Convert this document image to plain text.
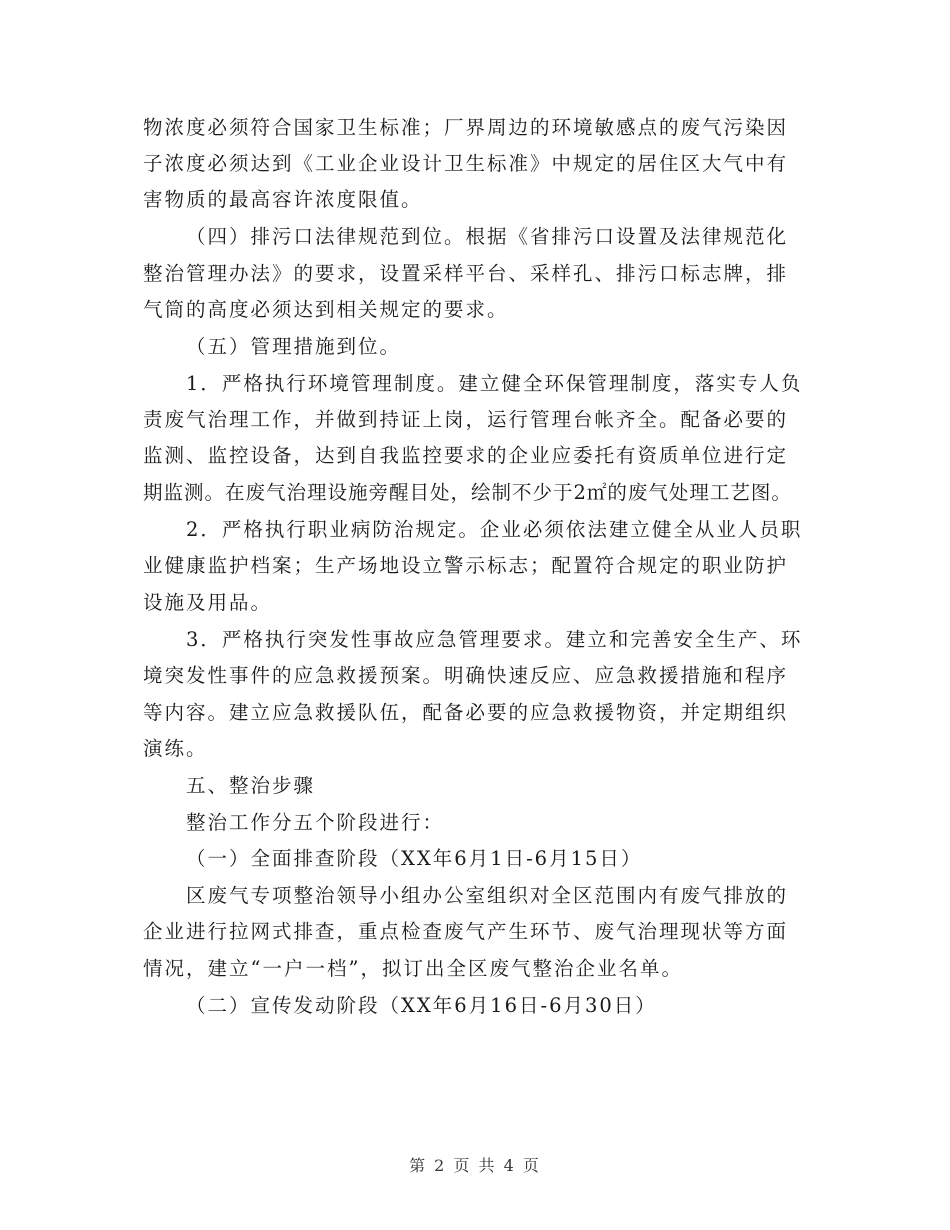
物浓度必须符合国家卫生标准；厂界周边的环境敏感点的废气污染因
子浓度必须达到《工业企业设计卫生标准》中规定的居住区大气中有
害物质的最高容许浓度限值。
（四）排污口法律规范到位。根据《省排污口设置及法律规范化
整治管理办法》的要求，设置采样平台、采样孔、排污口标志牌，排
气筒的高度必须达到相关规定的要求。
（五）管理措施到位。
1．严格执行环境管理制度。建立健全环保管理制度，落实专人负
责废气治理工作，并做到持证上岗，运行管理台帐齐全。配备必要的
监测、监控设备，达到自我监控要求的企业应委托有资质单位进行定
期监测。在废气治理设施旁醒目处，绘制不少于2㎡的废气处理工艺图。
2．严格执行职业病防治规定。企业必须依法建立健全从业人员职
业健康监护档案；生产场地设立警示标志；配置符合规定的职业防护
设施及用品。
3．严格执行突发性事故应急管理要求。建立和完善安全生产、环
境突发性事件的应急救援预案。明确快速反应、应急救援措施和程序
等内容。建立应急救援队伍，配备必要的应急救援物资，并定期组织
演练。
五、整治步骤
整治工作分五个阶段进行：
（一）全面排查阶段（XX年6月1日-6月15日）
区废气专项整治领导小组办公室组织对全区范围内有废气排放的
企业进行拉网式排查，重点检查废气产生环节、废气治理现状等方面
情况，建立“一户一档”，拟订出全区废气整治企业名单。
（二）宣传发动阶段（XX年6月16日-6月30日）
第 2 页 共 4 页
